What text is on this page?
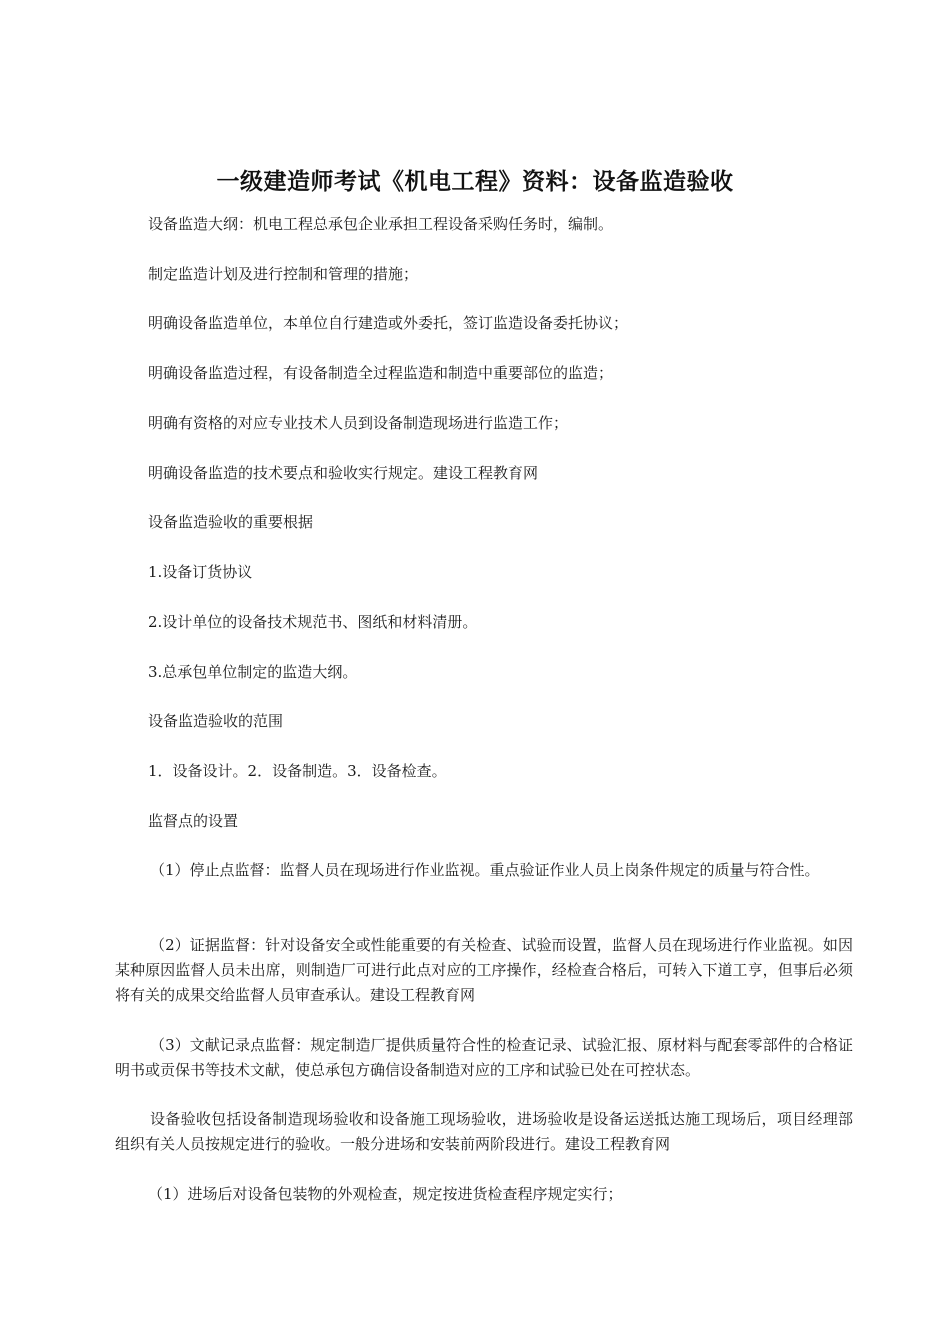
一级建造师考试《机电工程》资料：设备监造验收

设备监造大纲：机电工程总承包企业承担工程设备采购任务时，编制。

制定监造计划及进行控制和管理的措施；

明确设备监造单位，本单位自行建造或外委托，签订监造设备委托协议；

明确设备监造过程，有设备制造全过程监造和制造中重要部位的监造；

明确有资格的对应专业技术人员到设备制造现场进行监造工作；

明确设备监造的技术要点和验收实行规定。建设工程教育网

设备监造验收的重要根据

1.设备订货协议

2.设计单位的设备技术规范书、图纸和材料清册。

3.总承包单位制定的监造大纲。

设备监造验收的范围

1．设备设计。2．设备制造。3．设备检查。

监督点的设置

（1）停止点监督：监督人员在现场进行作业监视。重点验证作业人员上岗条件规定的质量与符合性。

（2）证据监督：针对设备安全或性能重要的有关检查、试验而设置，监督人员在现场进行作业监视。如因某种原因监督人员未出席，则制造厂可进行此点对应的工序操作，经检查合格后，可转入下道工亨，但事后必须将有关的成果交给监督人员审查承认。建设工程教育网

（3）文献记录点监督：规定制造厂提供质量符合性的检查记录、试验汇报、原材料与配套零部件的合格证明书或贡保书等技术文献，使总承包方确信设备制造对应的工序和试验已处在可控状态。

设备验收包括设备制造现场验收和设备施工现场验收，进场验收是设备运送抵达施工现场后，项目经理部组织有关人员按规定进行的验收。一般分进场和安装前两阶段进行。建设工程教育网

（1）进场后对设备包装物的外观检查，规定按进货检查程序规定实行；
